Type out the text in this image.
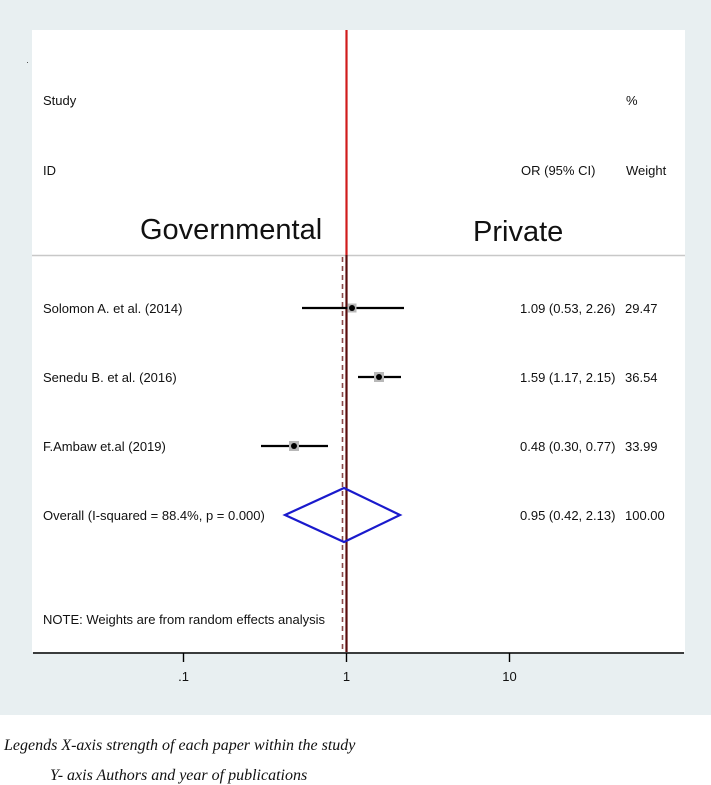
Study
ID
%
OR (95% CI) Weight
Governmental	Private
Solomon A. et al. (2014)	1.09 (0.53, 2.26) 29.47
Senedu B. et al. (2016)	1.59 (1.17, 2.15) 36.54
F.Ambaw et.al (2019)	0.48 (0.30, 0.77) 33.99
Overall (I-squared = 88.4%, p = 0.000)	0.95 (0.42, 2.13) 100.00
NOTE: Weights are from random effects analysis
.1	1	10
Legends X-axis strength of each paper within the study
Y- axis Authors and year of publications
